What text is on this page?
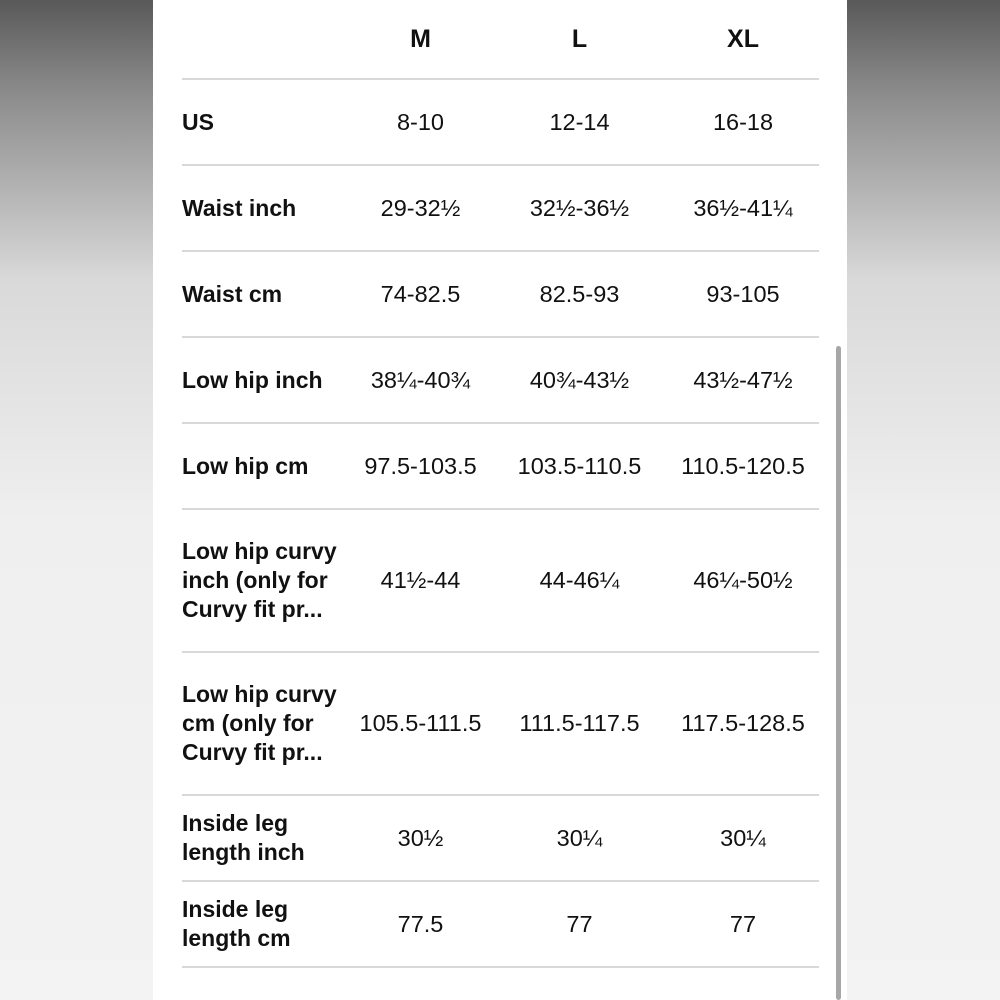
	M	L	XL
US	8-10	12-14	16-18
Waist inch	29-32½	32½-36½	36½-41¼
Waist cm	74-82.5	82.5-93	93-105
Low hip inch	38¼-40¾	40¾-43½	43½-47½
Low hip cm	97.5-103.5	103.5-110.5	110.5-120.5
Low hip curvy inch (only for Curvy fit pr...	41½-44	44-46¼	46¼-50½
Low hip curvy cm (only for Curvy fit pr...	105.5-111.5	111.5-117.5	117.5-128.5
Inside leg length inch	30½	30¼	30¼
Inside leg length cm	77.5	77	77
